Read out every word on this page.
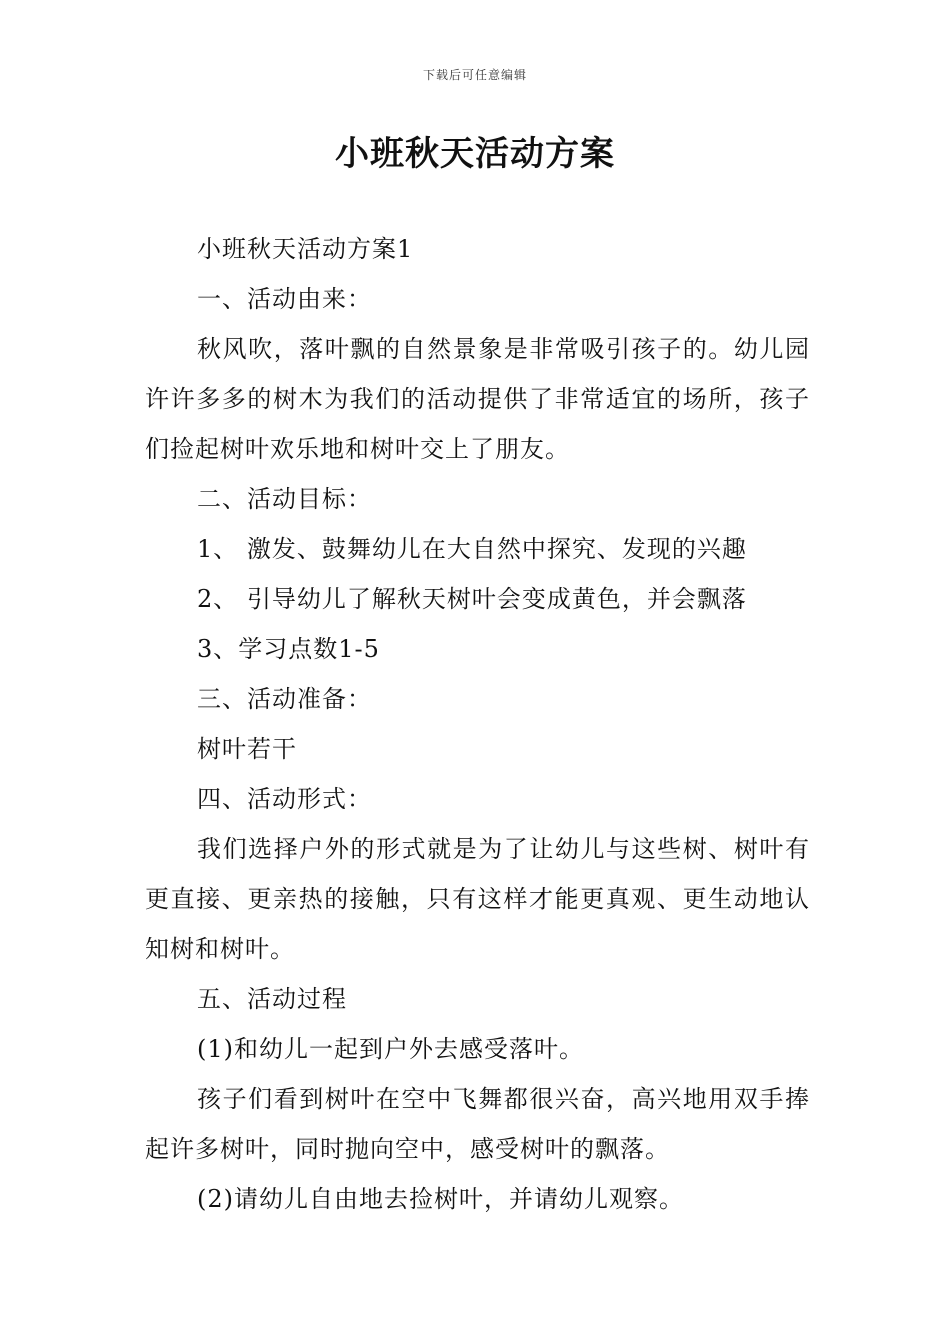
下载后可任意编辑
小班秋天活动方案

小班秋天活动方案1

一、活动由来：

秋风吹，落叶飘的自然景象是非常吸引孩子的。幼儿园许许多多的树木为我们的活动提供了非常适宜的场所，孩子们捡起树叶欢乐地和树叶交上了朋友。

二、活动目标：

1、 激发、鼓舞幼儿在大自然中探究、发现的兴趣

2、 引导幼儿了解秋天树叶会变成黄色，并会飘落

3、学习点数1-5

三、活动准备：

树叶若干

四、活动形式：

我们选择户外的形式就是为了让幼儿与这些树、树叶有更直接、更亲热的接触，只有这样才能更真观、更生动地认知树和树叶。

五、活动过程

(1)和幼儿一起到户外去感受落叶。

孩子们看到树叶在空中飞舞都很兴奋，高兴地用双手捧起许多树叶，同时抛向空中，感受树叶的飘落。

(2)请幼儿自由地去捡树叶，并请幼儿观察。
